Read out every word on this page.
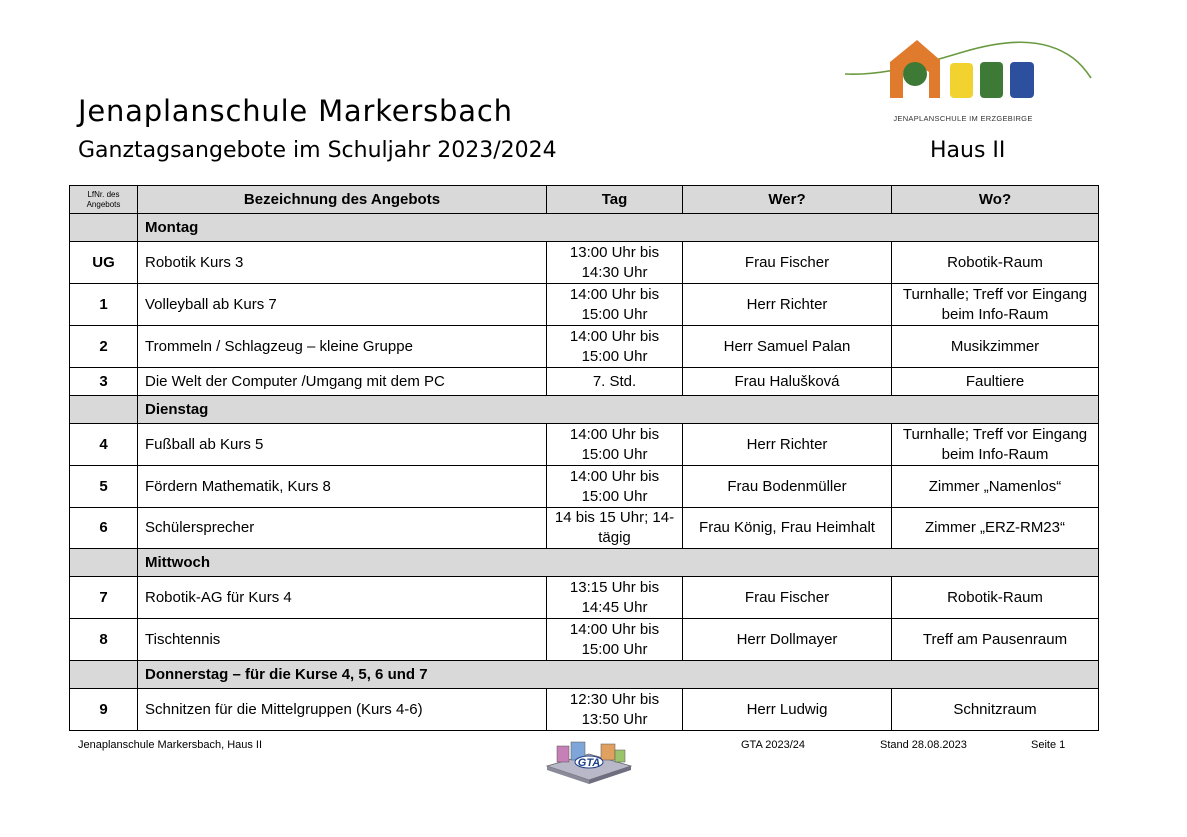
Jenaplanschule Markersbach
Ganztagsangebote im Schuljahr 2023/2024	Haus II
JENAPLANSCHULE IM ERZGEBIRGE
LfNr. des Angebots	Bezeichnung des Angebots	Tag	Wer?	Wo?
	Montag			
UG	Robotik Kurs 3	13:00 Uhr bis 14:30 Uhr	Frau Fischer	Robotik-Raum
1	Volleyball ab Kurs 7	14:00 Uhr bis 15:00 Uhr	Herr Richter	Turnhalle; Treff vor Eingang beim Info-Raum
2	Trommeln / Schlagzeug – kleine Gruppe	14:00 Uhr bis 15:00 Uhr	Herr Samuel Palan	Musikzimmer
3	Die Welt der Computer /Umgang mit dem PC	7. Std.	Frau Halušková	Faultiere
	Dienstag			
4	Fußball ab Kurs 5	14:00 Uhr bis 15:00 Uhr	Herr Richter	Turnhalle; Treff vor Eingang beim Info-Raum
5	Fördern Mathematik, Kurs 8	14:00 Uhr bis 15:00 Uhr	Frau Bodenmüller	Zimmer „Namenlos“
6	Schülersprecher	14 bis 15 Uhr; 14-tägig	Frau König, Frau Heimhalt	Zimmer „ERZ-RM23“
	Mittwoch			
7	Robotik-AG für Kurs 4	13:15 Uhr bis 14:45 Uhr	Frau Fischer	Robotik-Raum
8	Tischtennis	14:00 Uhr bis 15:00 Uhr	Herr Dollmayer	Treff am Pausenraum
	Donnerstag – für die Kurse 4, 5, 6 und 7			
9	Schnitzen für die Mittelgruppen (Kurs 4-6)	12:30 Uhr bis 13:50 Uhr	Herr Ludwig	Schnitzraum
Jenaplanschule Markersbach, Haus II	GTA 2023/24	Stand 28.08.2023	Seite 1
GTA
